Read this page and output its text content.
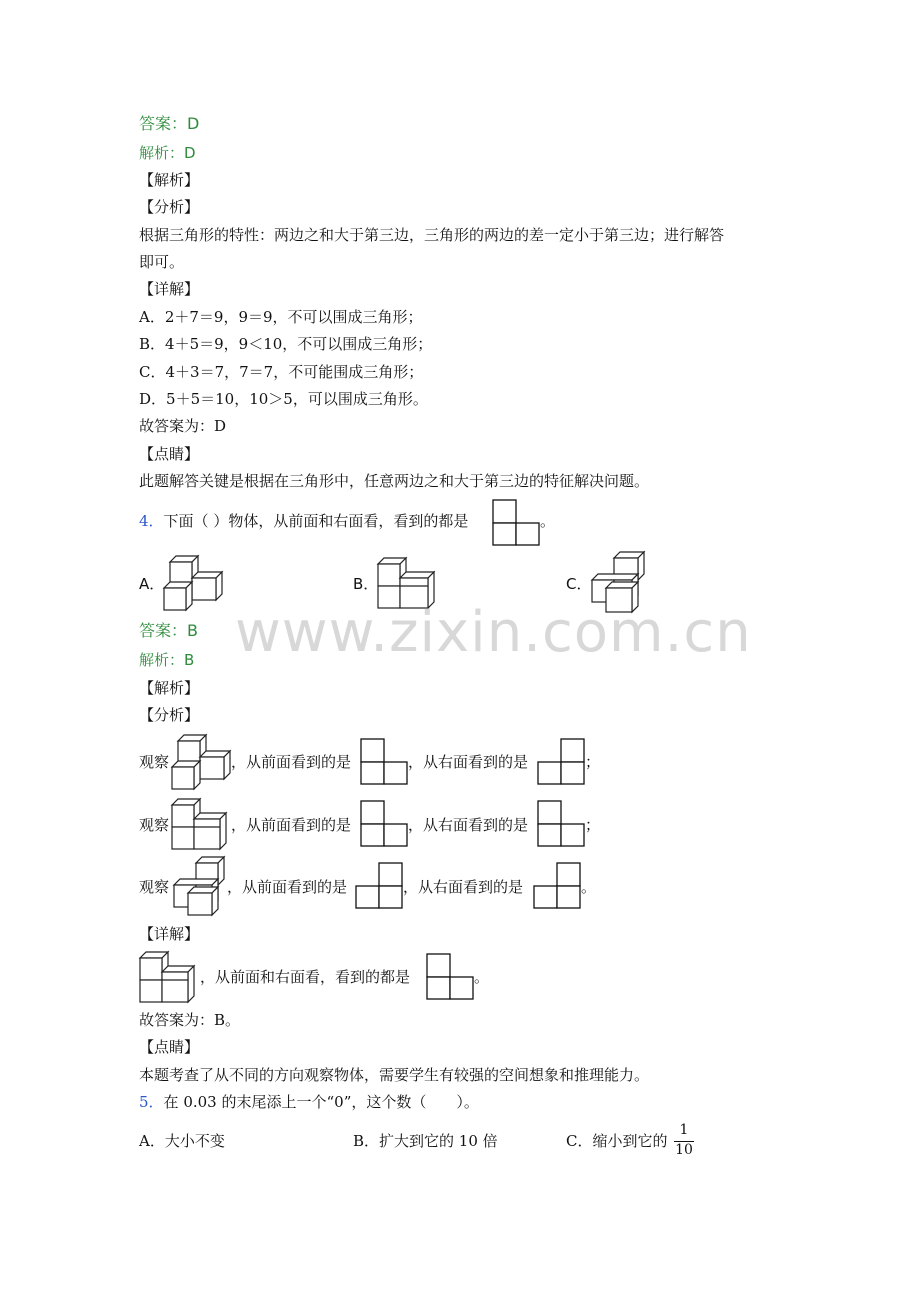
答案：D
解析：D
【解析】
【分析】
根据三角形的特性：两边之和大于第三边，三角形的两边的差一定小于第三边；进行解答
即可。
【详解】
A．2＋7＝9，9＝9，不可以围成三角形；
B．4＋5＝9，9＜10，不可以围成三角形；
C．4＋3＝7，7＝7，不可能围成三角形；
D．5＋5＝10，10＞5，可以围成三角形。
故答案为：D
【点睛】
此题解答关键是根据在三角形中，任意两边之和大于第三边的特征解决问题。
4．下面（ ）物体，从前面和右面看，看到的都是	。
A．	B．	C．
www.zixin.com.cn
答案：B
解析：B
【解析】
【分析】
观察	，从前面看到的是	，从右面看到的是	；
观察	，从前面看到的是	，从右面看到的是	；
观察	，从前面看到的是	，从右面看到的是	。
【详解】
，从前面和右面看，看到的都是	。
故答案为：B。
【点睛】
本题考查了从不同的方向观察物体，需要学生有较强的空间想象和推理能力。
5．在 0.03 的末尾添上一个“0”，这个数（　　）。
A．大小不变	B．扩大到它的 10 倍	C．缩小到它的
1
10
